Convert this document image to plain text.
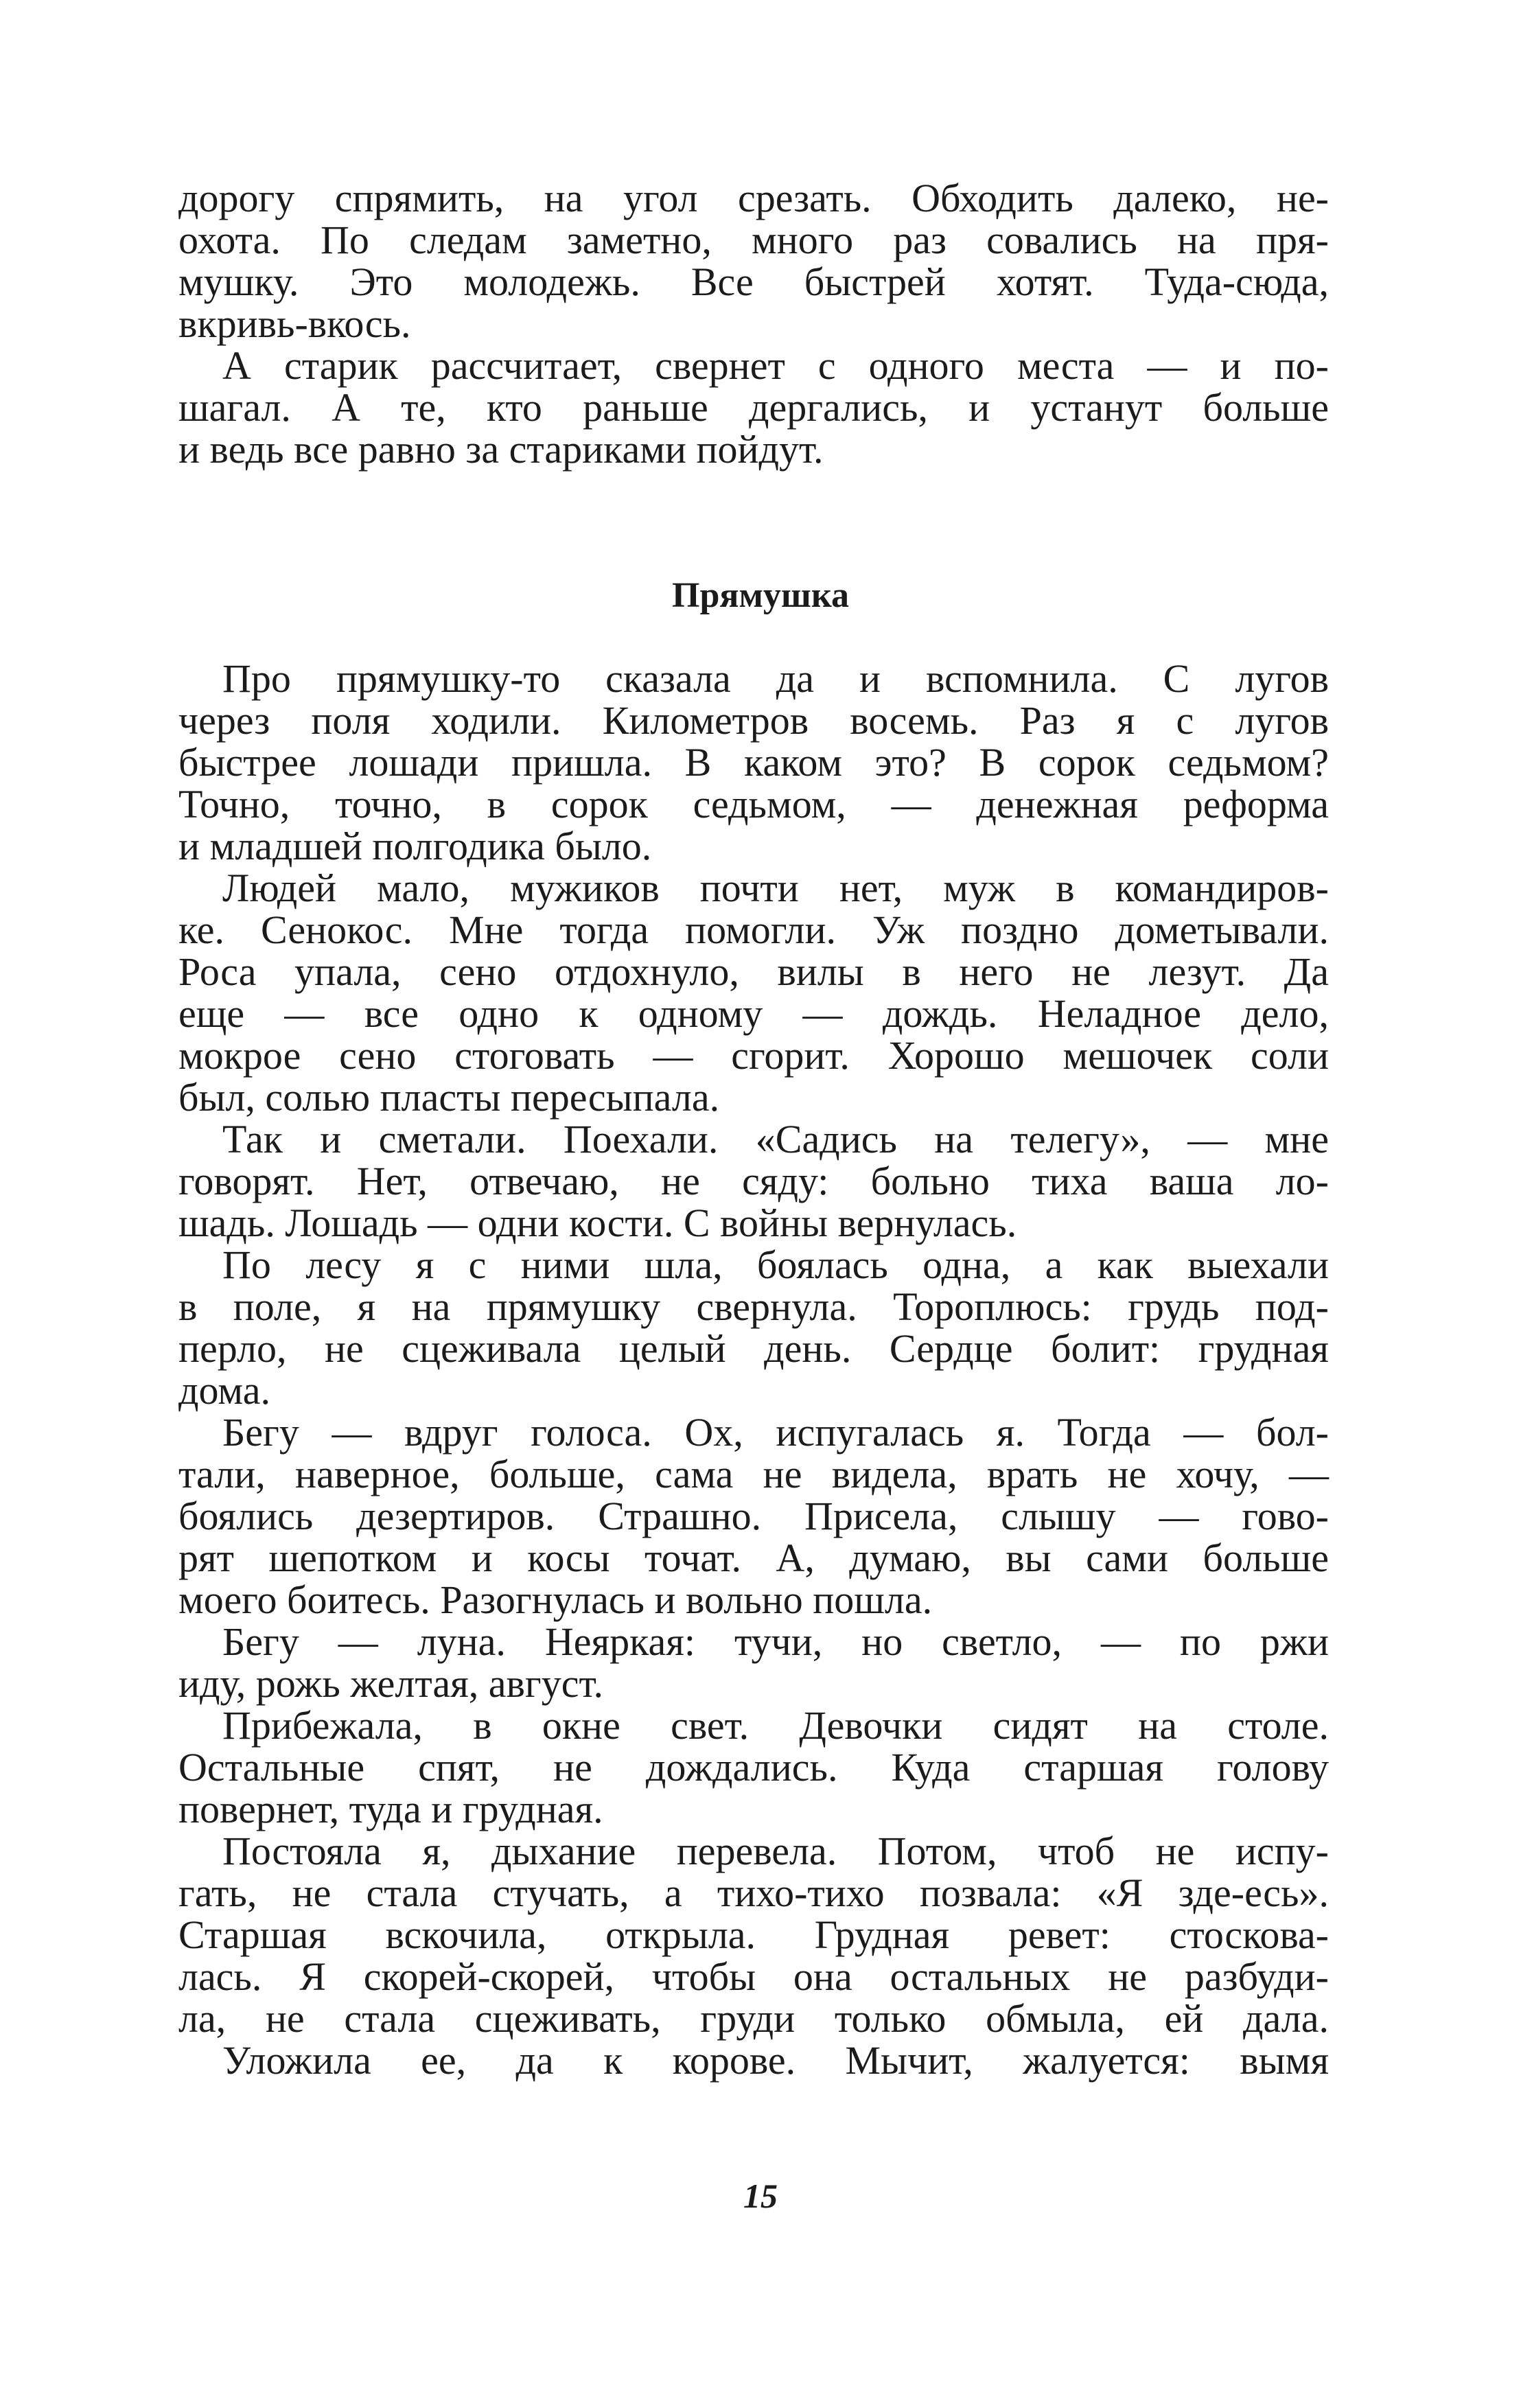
дорогу спрямить, на угол срезать. Обходить далеко, не-
охота. По следам заметно, много раз совались на пря-
мушку. Это молодежь. Все быстрей хотят. Туда-сюда,
вкривь-вкось.
А старик рассчитает, свернет с одного места — и по-
шагал. А те, кто раньше дергались, и устанут больше
и ведь все равно за стариками пойдут.
Прямушка
Про прямушку-то сказала да и вспомнила. С лугов
через поля ходили. Километров восемь. Раз я с лугов
быстрее лошади пришла. В каком это? В сорок седьмом?
Точно, точно, в сорок седьмом, — денежная реформа
и младшей полгодика было.
Людей мало, мужиков почти нет, муж в командиров-
ке. Сенокос. Мне тогда помогли. Уж поздно дометывали.
Роса упала, сено отдохнуло, вилы в него не лезут. Да
еще — все одно к одному — дождь. Неладное дело,
мокрое сено стоговать — сгорит. Хорошо мешочек соли
был, солью пласты пересыпала.
Так и сметали. Поехали. «Садись на телегу», — мне
говорят. Нет, отвечаю, не сяду: больно тиха ваша ло-
шадь. Лошадь — одни кости. С войны вернулась.
По лесу я с ними шла, боялась одна, а как выехали
в поле, я на прямушку свернула. Тороплюсь: грудь под-
перло, не сцеживала целый день. Сердце болит: грудная
дома.
Бегу — вдруг голоса. Ох, испугалась я. Тогда — бол-
тали, наверное, больше, сама не видела, врать не хочу, —
боялись дезертиров. Страшно. Присела, слышу — гово-
рят шепотком и косы точат. А, думаю, вы сами больше
моего боитесь. Разогнулась и вольно пошла.
Бегу — луна. Неяркая: тучи, но светло, — по ржи
иду, рожь желтая, август.
Прибежала, в окне свет. Девочки сидят на столе.
Остальные спят, не дождались. Куда старшая голову
повернет, туда и грудная.
Постояла я, дыхание перевела. Потом, чтоб не испу-
гать, не стала стучать, а тихо-тихо позвала: «Я зде-есь».
Старшая вскочила, открыла. Грудная ревет: стоскова-
лась. Я скорей-скорей, чтобы она остальных не разбуди-
ла, не стала сцеживать, груди только обмыла, ей дала.
Уложила ее, да к корове. Мычит, жалуется: вымя
15
